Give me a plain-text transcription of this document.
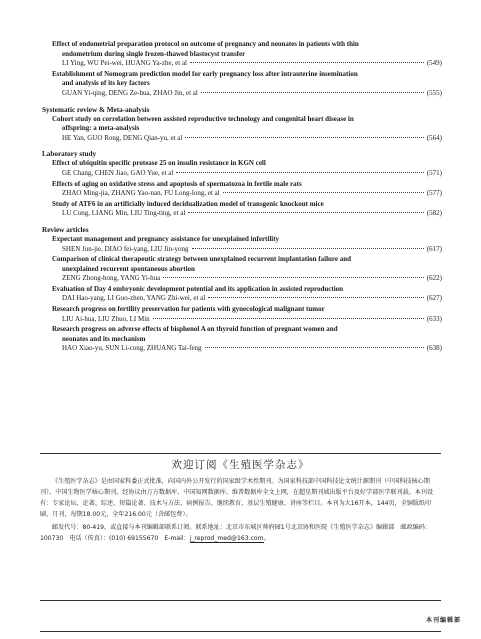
Effect of endometrial preparation protocol on outcome of pregnancy and neonates in patients with thin
endometrium during single frozen-thawed blastocyst transfer
LI Ying, WU Pei-wei, HUANG Ya-zhe, et al	(549)
Establishment of Nomogram prediction model for early pregnancy loss after intrauterine insemination
and analysis of its key factors
GUAN Yi-qing, DENG Ze-hua, ZHAO Jin, et al	(555)
Systematic review & Meta-analysis
Cohort study on correlation between assisted reproductive technology and congenital heart disease in
offspring: a meta-analysis
HE Yan, GUO Rong, DENG Qian-yu, et al	(564)
Laboratory study
Effect of ubiquitin specific protease 25 on insulin resistance in KGN cell
GE Chang, CHEN Jiao, GAO Yue, et al	(571)
Effects of aging on oxidative stress and apoptosis of spermatozoa in fertile male rats
ZHAO Ming-jia, ZHANG Yao-nan, FU Long-long, et al	(577)
Study of ATF6 in an artificially induced decidualization model of transgenic knockout mice
LU Cong, LIANG Min, LIU Ting-ting, et al	(582)
Review articles
Expectant management and pregnancy assistance for unexplained infertility
SHEN Jun-jie, DIAO fei-yang, LIU Jin-yong	(617)
Comparison of clinical therapeutic strategy between unexplained recurrent implantation failure and
unexplained recurrent spontaneous abortion
ZENG Zhong-hong, YANG Yi-hua	(622)
Evaluation of Day 4 embryonic development potential and its application in assisted reproduction
DAI Hao-yang, LI Guo-zhen, YANG Zhi-wei, et al	(627)
Research progress on fertility preservation for patients with gynecological malignant tumor
LIU Ai-hua, LIU Zhuo, LI Min	(633)
Research progress on adverse effects of bisphenol A on thyroid function of pregnant women and
neonates and its mechanism
HAO Xiao-yu, SUN Li-cong, ZHUANG Tai-feng	(638)
欢迎订阅《生殖医学杂志》

《生殖医学杂志》是由国家科委正式批准，向国内外公开发行的国家级学术性期刊。为国家科技部中国科技论文统计源期刊（中国科技核心期刊）、中国生物医学核心期刊。经协议由万方数据库、中国知网数据库、维普数据库全文上网，在超星期刊域出版平台及好学部医学联刊载。本刊设有：专家论坛、论著、综述、短篇论著、技术与方法、病例报告、继续教育、基层生殖健康、讲座等栏目。本刊为大16开本，144页，全铜版纸印刷，月刊，每期18.00元，全年216.00元（含邮包费）。

邮发代号：80-419，或直接与本刊编辑部联系订阅。联系地址：北京市东城区帅府园1号北京协和医院《生殖医学杂志》编辑部　邮政编码：100730　电话（传真）：(010) 69155670　E-mail：j_reprod_med@163.com。

本刊编辑部
